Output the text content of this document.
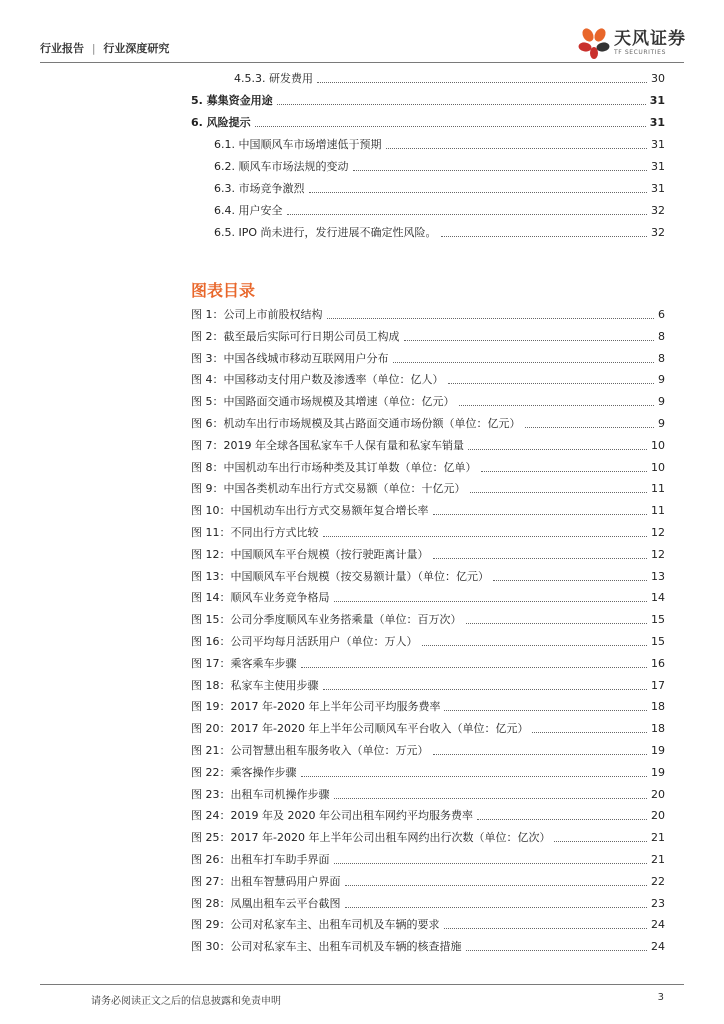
行业报告 | 行业深度研究	天风证券
TF SECURITIES
4.5.3. 研发费用	30
5. 募集资金用途	31
6. 风险提示	31
6.1. 中国顺风车市场增速低于预期	31
6.2. 顺风车市场法规的变动	31
6.3. 市场竞争激烈	31
6.4. 用户安全	32
6.5. IPO 尚未进行，发行进展不确定性风险。	32
图表目录
图 1：公司上市前股权结构	6
图 2：截至最后实际可行日期公司员工构成	8
图 3：中国各线城市移动互联网用户分布	8
图 4：中国移动支付用户数及渗透率（单位：亿人）	9
图 5：中国路面交通市场规模及其增速（单位：亿元）	9
图 6：机动车出行市场规模及其占路面交通市场份额（单位：亿元）	9
图 7：2019 年全球各国私家车千人保有量和私家车销量	10
图 8：中国机动车出行市场种类及其订单数（单位：亿单）	10
图 9：中国各类机动车出行方式交易额（单位：十亿元）	11
图 10：中国机动车出行方式交易额年复合增长率	11
图 11：不同出行方式比较	12
图 12：中国顺风车平台规模（按行驶距离计量）	12
图 13：中国顺风车平台规模（按交易额计量）（单位：亿元）	13
图 14：顺风车业务竞争格局	14
图 15：公司分季度顺风车业务搭乘量（单位：百万次）	15
图 16：公司平均每月活跃用户（单位：万人）	15
图 17：乘客乘车步骤	16
图 18：私家车主使用步骤	17
图 19：2017 年-2020 年上半年公司平均服务费率	18
图 20：2017 年-2020 年上半年公司顺风车平台收入（单位：亿元）	18
图 21：公司智慧出租车服务收入（单位：万元）	19
图 22：乘客操作步骤	19
图 23：出租车司机操作步骤	20
图 24：2019 年及 2020 年公司出租车网约平均服务费率	20
图 25：2017 年-2020 年上半年公司出租车网约出行次数（单位：亿次）	21
图 26：出租车打车助手界面	21
图 27：出租车智慧码用户界面	22
图 28：凤凰出租车云平台截图	23
图 29：公司对私家车主、出租车司机及车辆的要求	24
图 30：公司对私家车主、出租车司机及车辆的核查措施	24
请务必阅读正文之后的信息披露和免责申明	3
